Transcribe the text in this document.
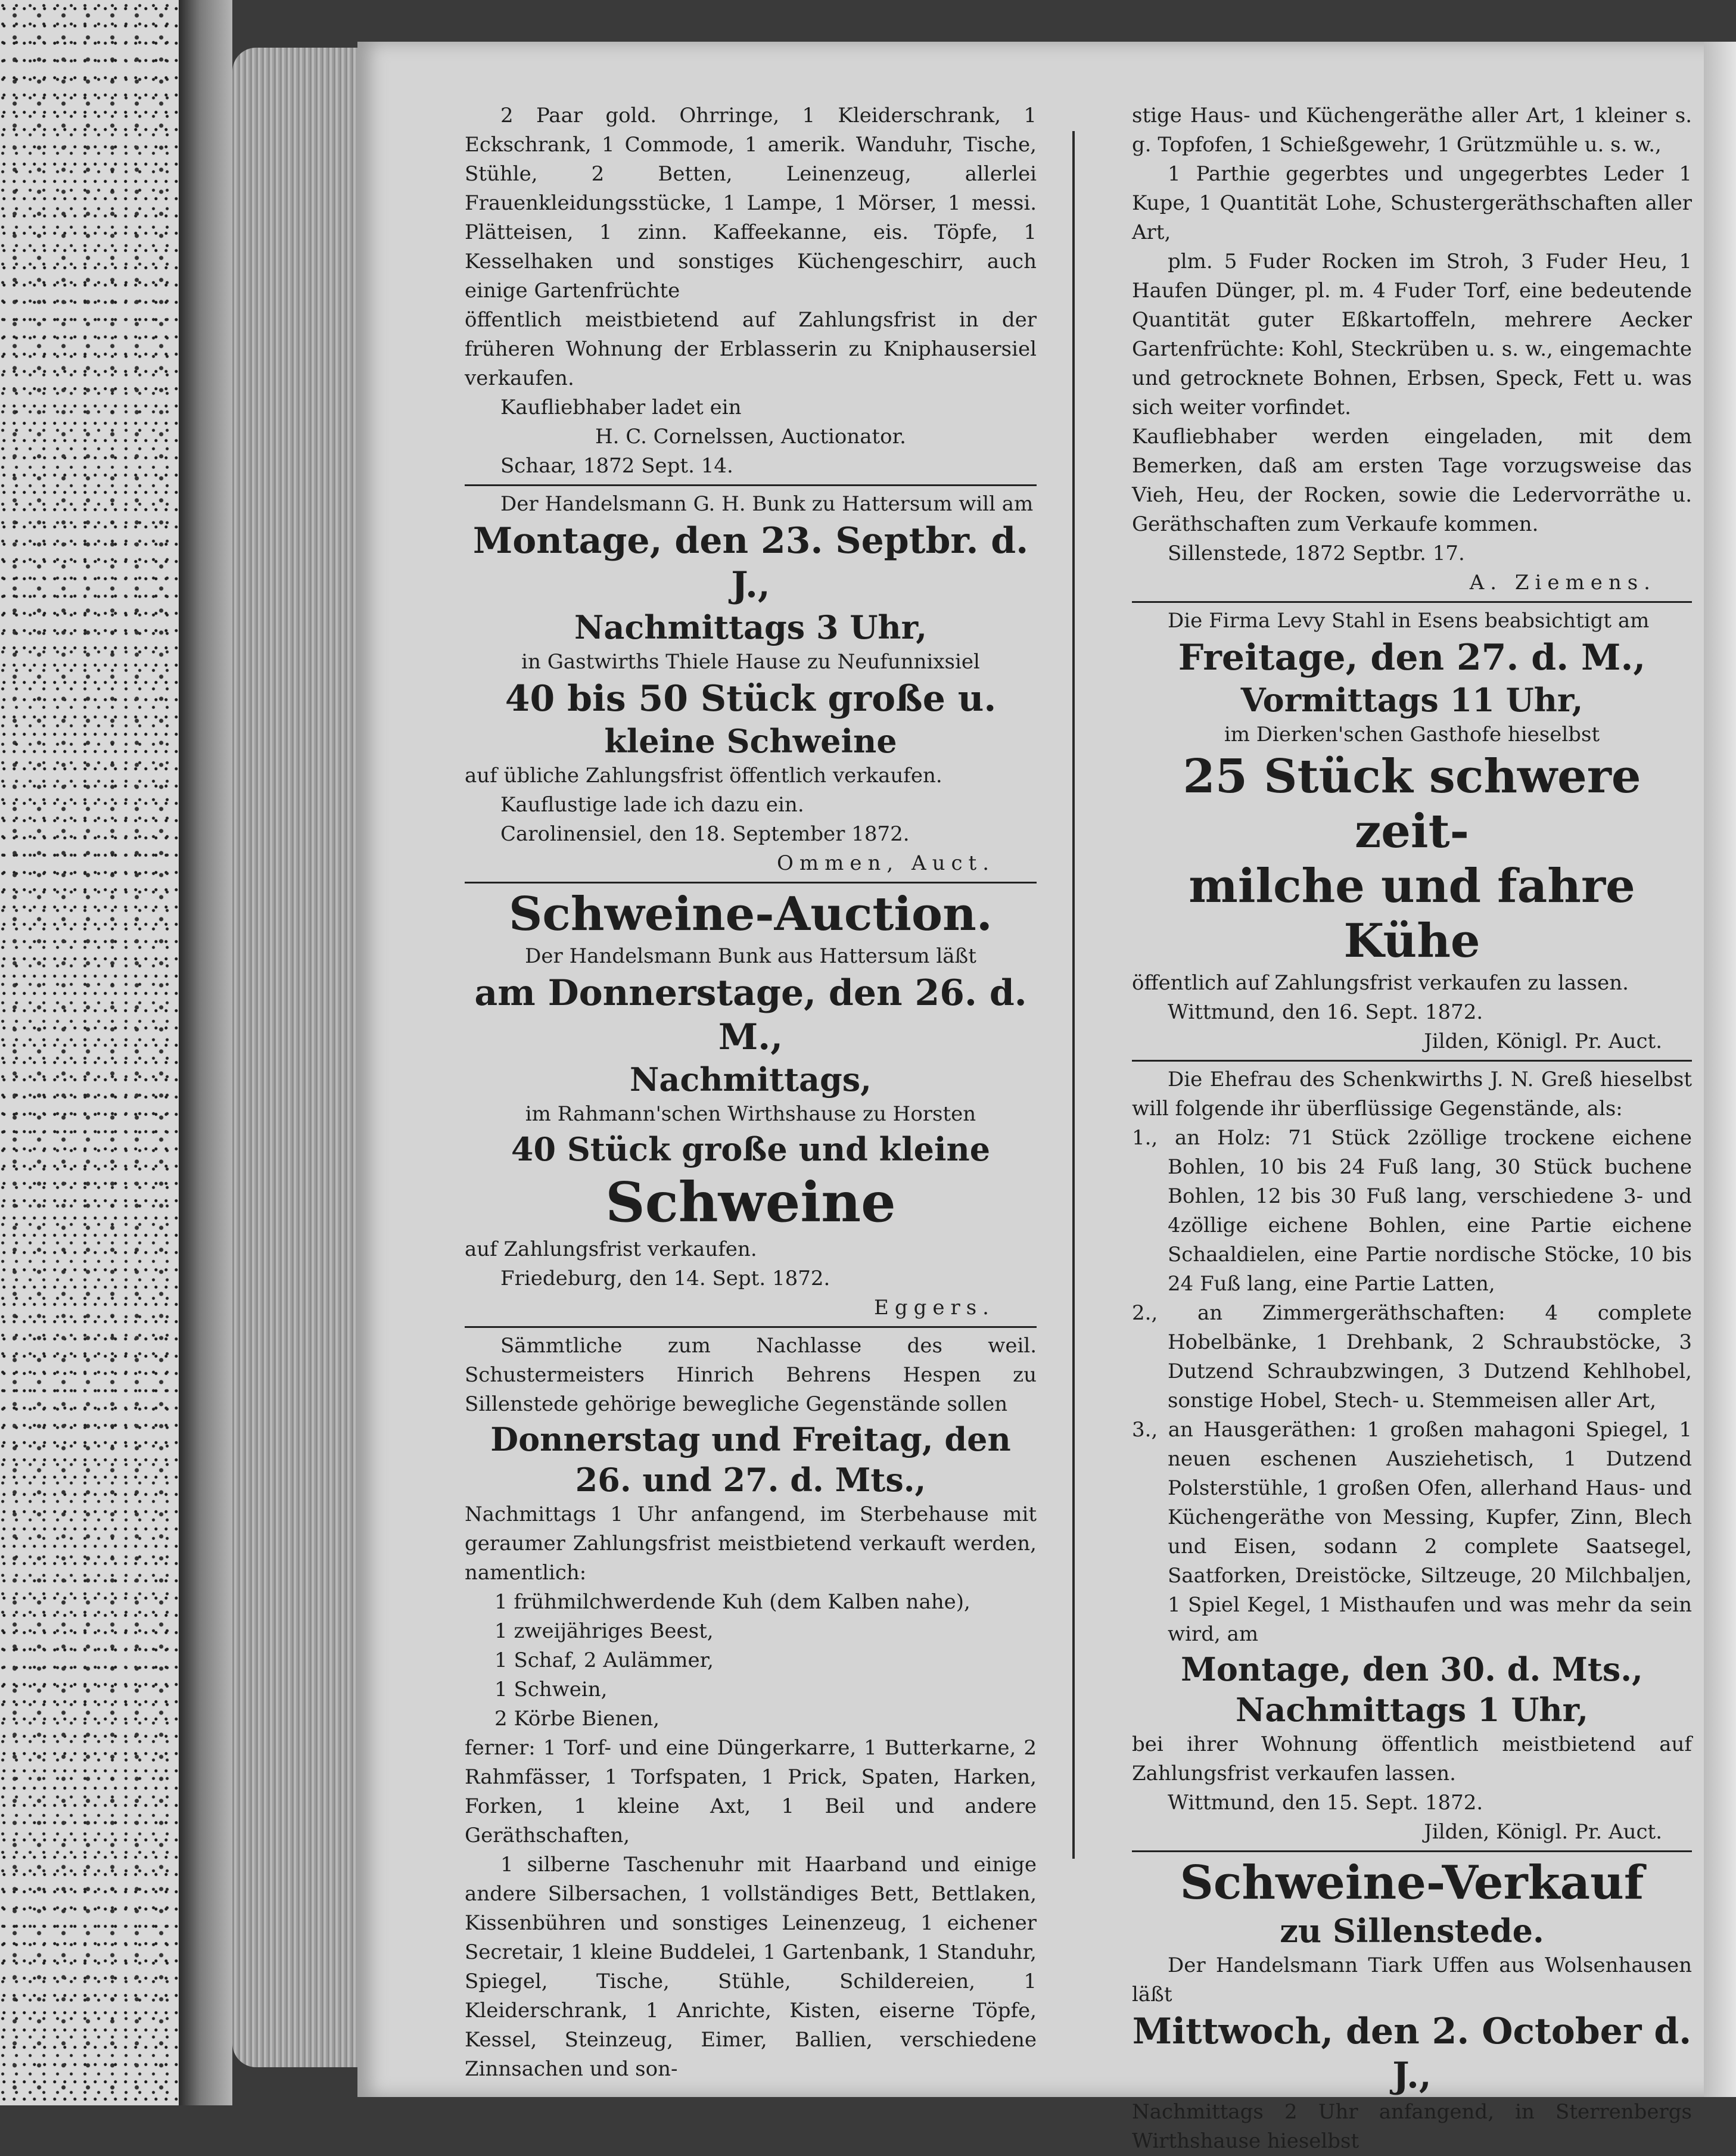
2 Paar gold. Ohrringe, 1 Kleiderschrank, 1 Eckschrank, 1 Commode, 1 amerik. Wanduhr, Tische, Stühle, 2 Betten, Leinenzeug, allerlei Frauenkleidungsstücke, 1 Lampe, 1 Mörser, 1 messi. Plätteisen, 1 zinn. Kaffeekanne, eis. Töpfe, 1 Kesselhaken und sonstiges Küchengeschirr, auch einige Gartenfrüchte

öffentlich meistbietend auf Zahlungsfrist in der früheren Wohnung der Erblasserin zu Kniphausersiel verkaufen.

Kaufliebhaber ladet ein

H. C. Cornelssen, Auctionator.

Schaar, 1872 Sept. 14.

Der Handelsmann G. H. Bunk zu Hattersum will am

Montage, den 23. Septbr. d. J.,

Nachmittags 3 Uhr,

in Gastwirths Thiele Hause zu Neufunnixsiel

40 bis 50 Stück große u.

kleine Schweine

auf übliche Zahlungsfrist öffentlich verkaufen.

Kauflustige lade ich dazu ein.

Carolinensiel, den 18. September 1872.

Ommen, Auct.

Schweine-Auction.

Der Handelsmann Bunk aus Hattersum läßt

am Donnerstage, den 26. d. M.,

Nachmittags,

im Rahmann'schen Wirthshause zu Horsten

40 Stück große und kleine

Schweine

auf Zahlungsfrist verkaufen.

Friedeburg, den 14. Sept. 1872.

Eggers.

Sämmtliche zum Nachlasse des weil. Schustermeisters Hinrich Behrens Hespen zu Sillenstede gehörige bewegliche Gegenstände sollen

Donnerstag und Freitag, den

26. und 27. d. Mts.,

Nachmittags 1 Uhr anfangend, im Sterbehause mit geraumer Zahlungsfrist meistbietend verkauft werden, namentlich:

1 frühmilchwerdende Kuh (dem Kalben nahe),

1 zweijähriges Beest,

1 Schaf, 2 Aulämmer,

1 Schwein,

2 Körbe Bienen,

ferner: 1 Torf- und eine Düngerkarre, 1 Butterkarne, 2 Rahmfässer, 1 Torfspaten, 1 Prick, Spaten, Harken, Forken, 1 kleine Axt, 1 Beil und andere Geräthschaften,

1 silberne Taschenuhr mit Haarband und einige andere Silbersachen, 1 vollständiges Bett, Bettlaken, Kissenbühren und sonstiges Leinenzeug, 1 eichener Secretair, 1 kleine Buddelei, 1 Gartenbank, 1 Standuhr, Spiegel, Tische, Stühle, Schildereien, 1 Kleiderschrank, 1 Anrichte, Kisten, eiserne Töpfe, Kessel, Steinzeug, Eimer, Ballien, verschiedene Zinnsachen und son-

stige Haus- und Küchengeräthe aller Art, 1 kleiner s. g. Topfofen, 1 Schießgewehr, 1 Grützmühle u. s. w.,

1 Parthie gegerbtes und ungegerbtes Leder 1 Kupe, 1 Quantität Lohe, Schustergeräthschaften aller Art,

plm. 5 Fuder Rocken im Stroh, 3 Fuder Heu, 1 Haufen Dünger, pl. m. 4 Fuder Torf, eine bedeutende Quantität guter Eßkartoffeln, mehrere Aecker Gartenfrüchte: Kohl, Steckrüben u. s. w., eingemachte und getrocknete Bohnen, Erbsen, Speck, Fett u. was sich weiter vorfindet.

Kaufliebhaber werden eingeladen, mit dem Bemerken, daß am ersten Tage vorzugsweise das Vieh, Heu, der Rocken, sowie die Ledervorräthe u. Geräthschaften zum Verkaufe kommen.

Sillenstede, 1872 Septbr. 17.

A. Ziemens.

Die Firma Levy Stahl in Esens beabsichtigt am

Freitage, den 27. d. M.,

Vormittags 11 Uhr,

im Dierken'schen Gasthofe hieselbst

25 Stück schwere zeit-

milche und fahre Kühe

öffentlich auf Zahlungsfrist verkaufen zu lassen.

Wittmund, den 16. Sept. 1872.

Jilden, Königl. Pr. Auct.

Die Ehefrau des Schenkwirths J. N. Greß hieselbst will folgende ihr überflüssige Gegenstände, als:

1., an Holz: 71 Stück 2zöllige trockene eichene Bohlen, 10 bis 24 Fuß lang, 30 Stück buchene Bohlen, 12 bis 30 Fuß lang, verschiedene 3- und 4zöllige eichene Bohlen, eine Partie eichene Schaaldielen, eine Partie nordische Stöcke, 10 bis 24 Fuß lang, eine Partie Latten,

2., an Zimmergeräthschaften: 4 complete Hobelbänke, 1 Drehbank, 2 Schraubstöcke, 3 Dutzend Schraubzwingen, 3 Dutzend Kehlhobel, sonstige Hobel, Stech- u. Stemmeisen aller Art,

3., an Hausgeräthen: 1 großen mahagoni Spiegel, 1 neuen eschenen Ausziehetisch, 1 Dutzend Polsterstühle, 1 großen Ofen, allerhand Haus- und Küchengeräthe von Messing, Kupfer, Zinn, Blech und Eisen, sodann 2 complete Saatsegel, Saatforken, Dreistöcke, Siltzeuge, 20 Milchbaljen, 1 Spiel Kegel, 1 Misthaufen und was mehr da sein wird, am

Montage, den 30. d. Mts.,

Nachmittags 1 Uhr,

bei ihrer Wohnung öffentlich meistbietend auf Zahlungsfrist verkaufen lassen.

Wittmund, den 15. Sept. 1872.

Jilden, Königl. Pr. Auct.

Schweine-Verkauf

zu Sillenstede.

Der Handelsmann Tiark Uffen aus Wolsenhausen läßt

Mittwoch, den 2. October d. J.,

Nachmittags 2 Uhr anfangend, in Sterrenbergs Wirthshause hieselbst
